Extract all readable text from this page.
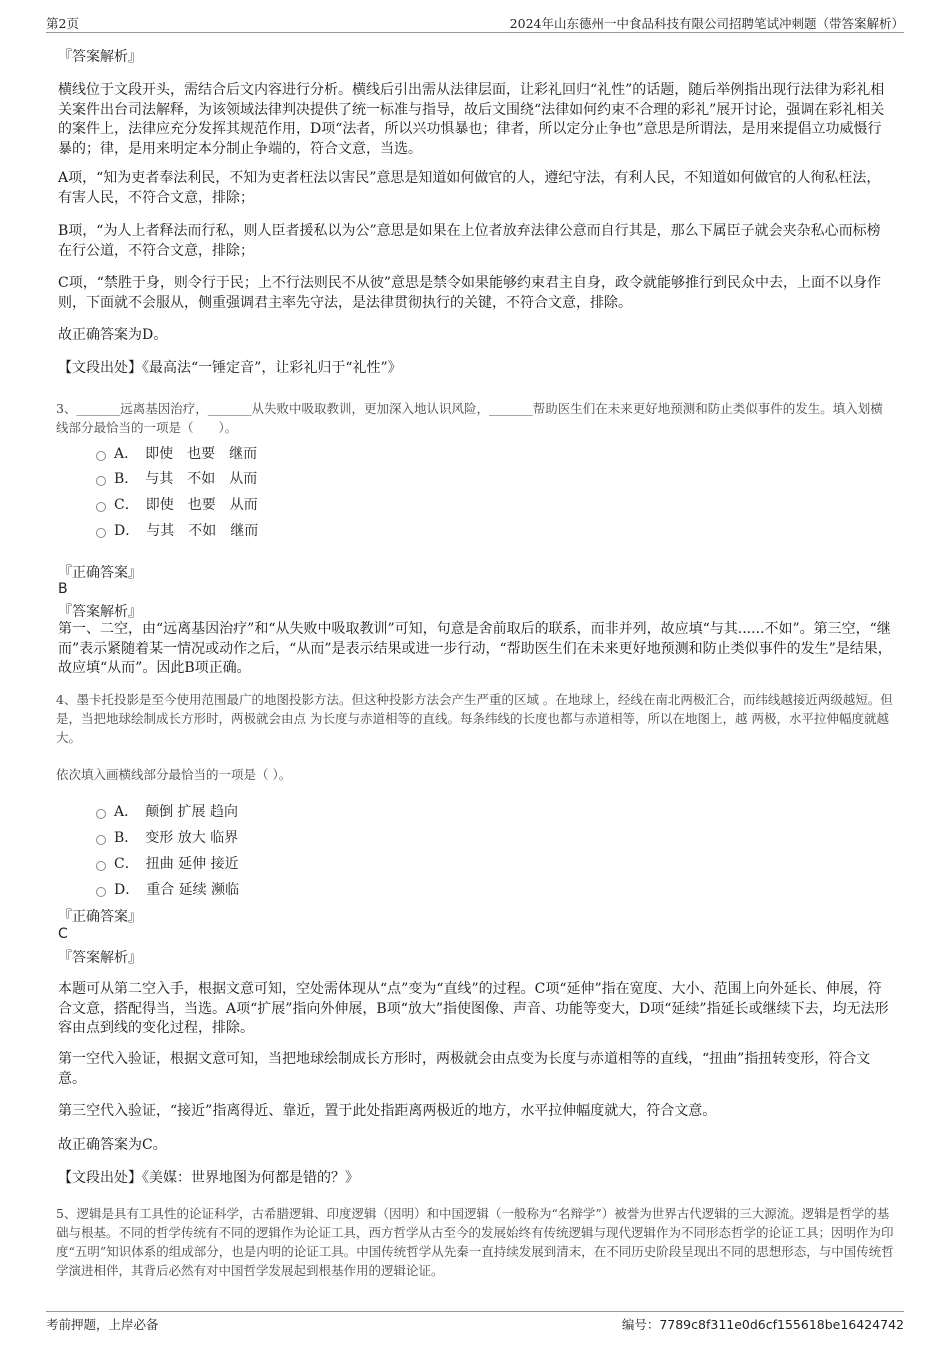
第2页	2024年山东德州一中食品科技有限公司招聘笔试冲刺题（带答案解析）
『答案解析』
横线位于文段开头，需结合后文内容进行分析。横线后引出需从法律层面，让彩礼回归“礼性”的话题，随后举例指出现行法律为彩礼相关案件出台司法解释，为该领域法律判决提供了统一标准与指导，故后文围绕“法律如何约束不合理的彩礼”展开讨论，强调在彩礼相关的案件上，法律应充分发挥其规范作用，D项“法者，所以兴功惧暴也；律者，所以定分止争也”意思是所谓法，是用来提倡立功威慑行暴的；律，是用来明定本分制止争端的，符合文意，当选。
A项，“知为吏者奉法利民，不知为吏者枉法以害民”意思是知道如何做官的人，遵纪守法，有利人民，不知道如何做官的人徇私枉法，有害人民，不符合文意，排除；
B项，“为人上者释法而行私，则人臣者援私以为公”意思是如果在上位者放弃法律公意而自行其是，那么下属臣子就会夹杂私心而标榜在行公道，不符合文意，排除；
C项，“禁胜于身，则令行于民；上不行法则民不从彼”意思是禁令如果能够约束君主自身，政令就能够推行到民众中去，上面不以身作则，下面就不会服从，侧重强调君主率先守法，是法律贯彻执行的关键，不符合文意，排除。
故正确答案为D。
【文段出处】《最高法“一锤定音”，让彩礼归于“礼性”》
3、_______远离基因治疗，_______从失败中吸取教训，更加深入地认识风险，_______帮助医生们在未来更好地预测和防止类似事件的发生。填入划横线部分最恰当的一项是（　　）。
A．　即使　也要　继而
B．　与其　不如　从而
C．　即使　也要　从而
D．　与其　不如　继而
『正确答案』
B
『答案解析』
第一、二空，由“远离基因治疗”和“从失败中吸取教训”可知，句意是舍前取后的联系，而非并列，故应填“与其......不如”。第三空，“继而”表示紧随着某一情况或动作之后，“从而”是表示结果或进一步行动，“帮助医生们在未来更好地预测和防止类似事件的发生”是结果，故应填“从而”。因此B项正确。
4、墨卡托投影是至今使用范围最广的地图投影方法。但这种投影方法会产生严重的区域 。在地球上，经线在南北两极汇合，而纬线越接近两级越短。但是，当把地球绘制成长方形时，两极就会由点 为长度与赤道相等的直线。每条纬线的长度也都与赤道相等，所以在地图上，越 两极，水平拉伸幅度就越大。
依次填入画横线部分最恰当的一项是（ ）。
A．　颠倒 扩展 趋向
B．　变形 放大 临界
C．　扭曲 延伸 接近
D．　重合 延续 濒临
『正确答案』
C
『答案解析』
本题可从第二空入手，根据文意可知，空处需体现从“点”变为“直线”的过程。C项“延伸”指在宽度、大小、范围上向外延长、伸展，符合文意，搭配得当，当选。A项“扩展”指向外伸展，B项“放大”指使图像、声音、功能等变大，D项“延续”指延长或继续下去，均无法形容由点到线的变化过程，排除。
第一空代入验证，根据文意可知，当把地球绘制成长方形时，两极就会由点变为长度与赤道相等的直线，“扭曲”指扭转变形，符合文意。
第三空代入验证，“接近”指离得近、靠近，置于此处指距离两极近的地方，水平拉伸幅度就大，符合文意。
故正确答案为C。
【文段出处】《美媒：世界地图为何都是错的？》
5、逻辑是具有工具性的论证科学，古希腊逻辑、印度逻辑（因明）和中国逻辑（一般称为“名辩学”）被誉为世界古代逻辑的三大源流。逻辑是哲学的基础与根基。不同的哲学传统有不同的逻辑作为论证工具，西方哲学从古至今的发展始终有传统逻辑与现代逻辑作为不同形态哲学的论证工具；因明作为印度“五明”知识体系的组成部分，也是内明的论证工具。中国传统哲学从先秦一直持续发展到清末，在不同历史阶段呈现出不同的思想形态，与中国传统哲学演进相伴，其背后必然有对中国哲学发展起到根基作用的逻辑论证。
考前押题，上岸必备	编号：7789c8f311e0d6cf155618be16424742
